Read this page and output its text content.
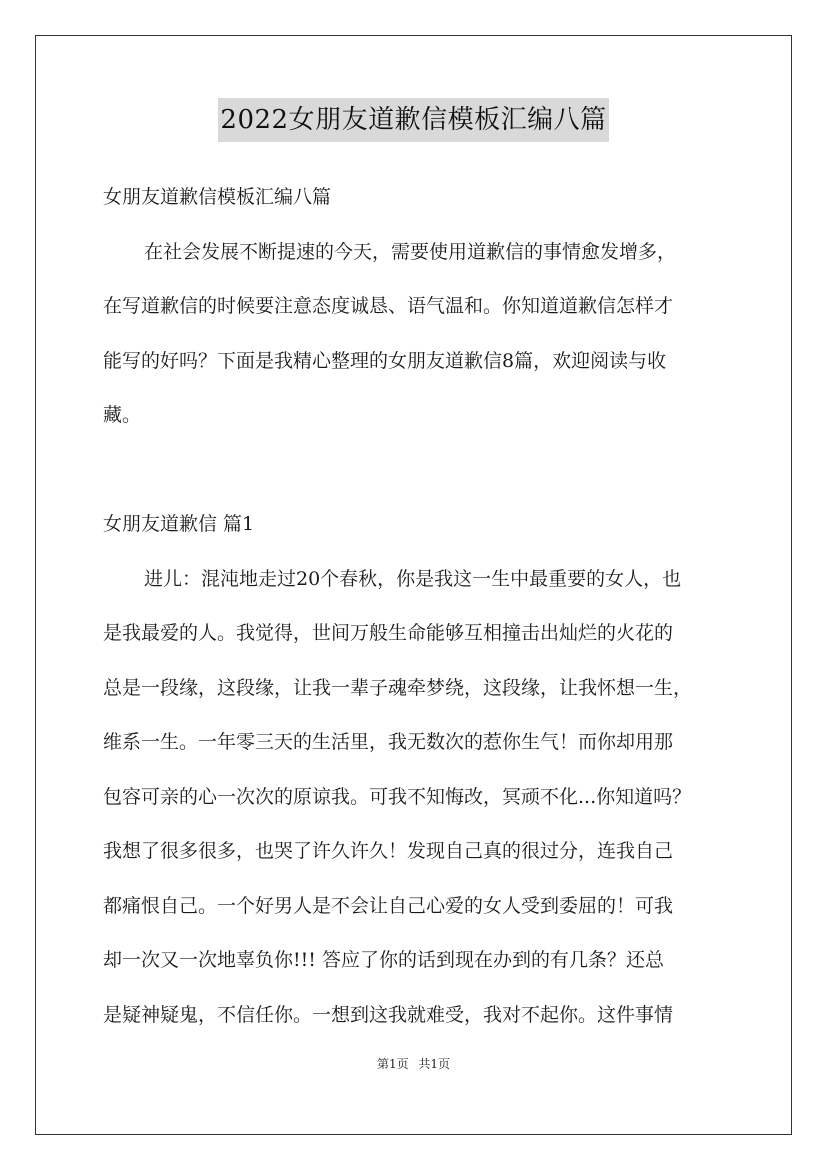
2022女朋友道歉信模板汇编八篇
女朋友道歉信模板汇编八篇
在社会发展不断提速的今天，需要使用道歉信的事情愈发增多，
在写道歉信的时候要注意态度诚恳、语气温和。你知道道歉信怎样才
能写的好吗？下面是我精心整理的女朋友道歉信8篇，欢迎阅读与收
藏。
女朋友道歉信 篇1
进儿：混沌地走过20个春秋，你是我这一生中最重要的女人，也
是我最爱的人。我觉得，世间万般生命能够互相撞击出灿烂的火花的
总是一段缘，这段缘，让我一辈子魂牵梦绕，这段缘，让我怀想一生，
维系一生。一年零三天的生活里，我无数次的惹你生气！而你却用那
包容可亲的心一次次的原谅我。可我不知悔改，冥顽不化...你知道吗？
我想了很多很多，也哭了许久许久！发现自己真的很过分，连我自己
都痛恨自己。一个好男人是不会让自己心爱的女人受到委屈的！可我
却一次又一次地辜负你!!! 答应了你的话到现在办到的有几条？还总
是疑神疑鬼，不信任你。一想到这我就难受，我对不起你。这件事情
第1页 共1页
